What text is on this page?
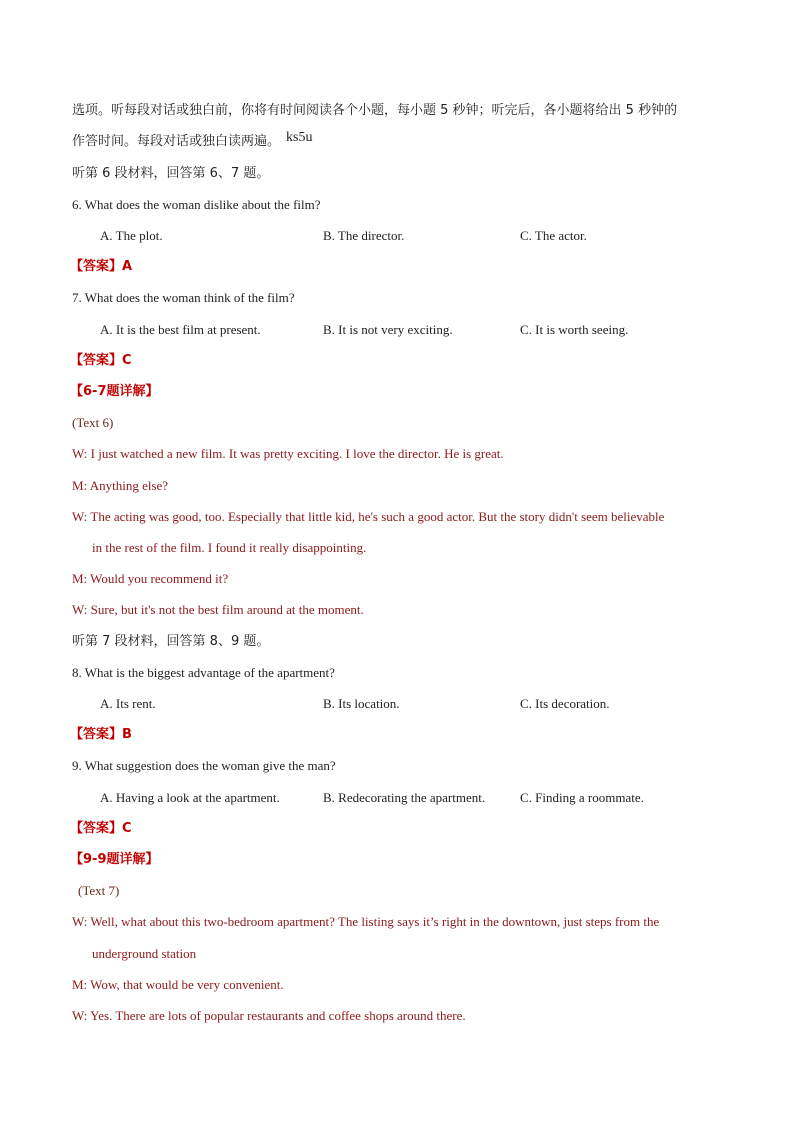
选项。听每段对话或独白前，你将有时间阅读各个小题，每小题 5 秒钟；听完后，各小题将给出 5 秒钟的
作答时间。每段对话或独白读两遍。 ks5u
听第 6 段材料，回答第 6、7 题。
6. What does the woman dislike about the film?
A. The plot.	B. The director.	C. The actor.
【答案】A
7. What does the woman think of the film?
A. It is the best film at present.	B. It is not very exciting.	C. It is worth seeing.
【答案】C
【6-7题详解】
(Text 6)
W: I just watched a new film. It was pretty exciting. I love the director. He is great.
M: Anything else?
W: The acting was good, too. Especially that little kid, he's such a good actor. But the story didn't seem believable
in the rest of the film. I found it really disappointing.
M: Would you recommend it?
W: Sure, but it's not the best film around at the moment.
听第 7 段材料，回答第 8、9 题。
8. What is the biggest advantage of the apartment?
A. Its rent.	B. Its location.	C. Its decoration.
【答案】B
9. What suggestion does the woman give the man?
A. Having a look at the apartment.	B. Redecorating the apartment.	C. Finding a roommate.
【答案】C
【9-9题详解】
(Text 7)
W: Well, what about this two-bedroom apartment? The listing says it’s right in the downtown, just steps from the
underground station
M: Wow, that would be very convenient.
W: Yes. There are lots of popular restaurants and coffee shops around there.
